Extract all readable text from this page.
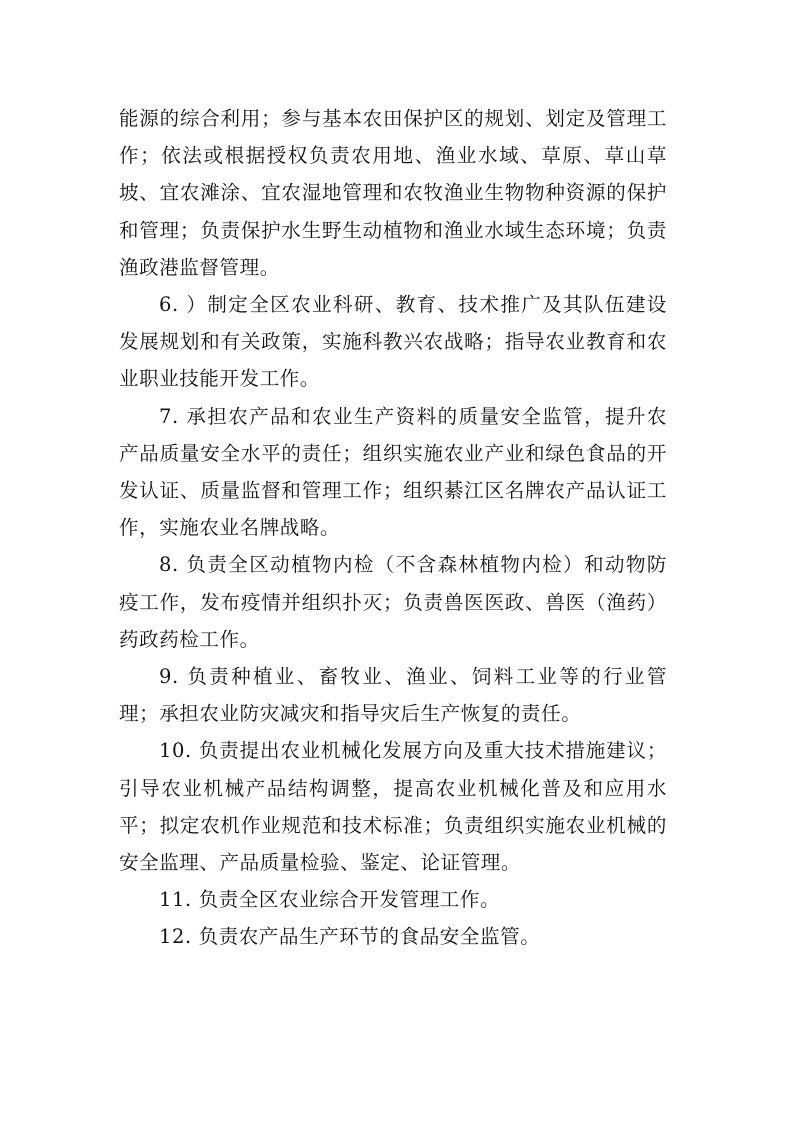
能源的综合利用；参与基本农田保护区的规划、划定及管理工作；依法或根据授权负责农用地、渔业水域、草原、草山草坡、宜农滩涂、宜农湿地管理和农牧渔业生物物种资源的保护和管理；负责保护水生野生动植物和渔业水域生态环境；负责渔政港监督管理。

6. ）制定全区农业科研、教育、技术推广及其队伍建设发展规划和有关政策，实施科教兴农战略；指导农业教育和农业职业技能开发工作。

7. 承担农产品和农业生产资料的质量安全监管，提升农产品质量安全水平的责任；组织实施农业产业和绿色食品的开发认证、质量监督和管理工作；组织綦江区名牌农产品认证工作，实施农业名牌战略。

8. 负责全区动植物内检（不含森林植物内检）和动物防疫工作，发布疫情并组织扑灭；负责兽医医政、兽医（渔药）药政药检工作。

9. 负责种植业、畜牧业、渔业、饲料工业等的行业管理；承担农业防灾减灾和指导灾后生产恢复的责任。

10. 负责提出农业机械化发展方向及重大技术措施建议；引导农业机械产品结构调整，提高农业机械化普及和应用水平；拟定农机作业规范和技术标准；负责组织实施农业机械的安全监理、产品质量检验、鉴定、论证管理。

11. 负责全区农业综合开发管理工作。

12. 负责农产品生产环节的食品安全监管。
